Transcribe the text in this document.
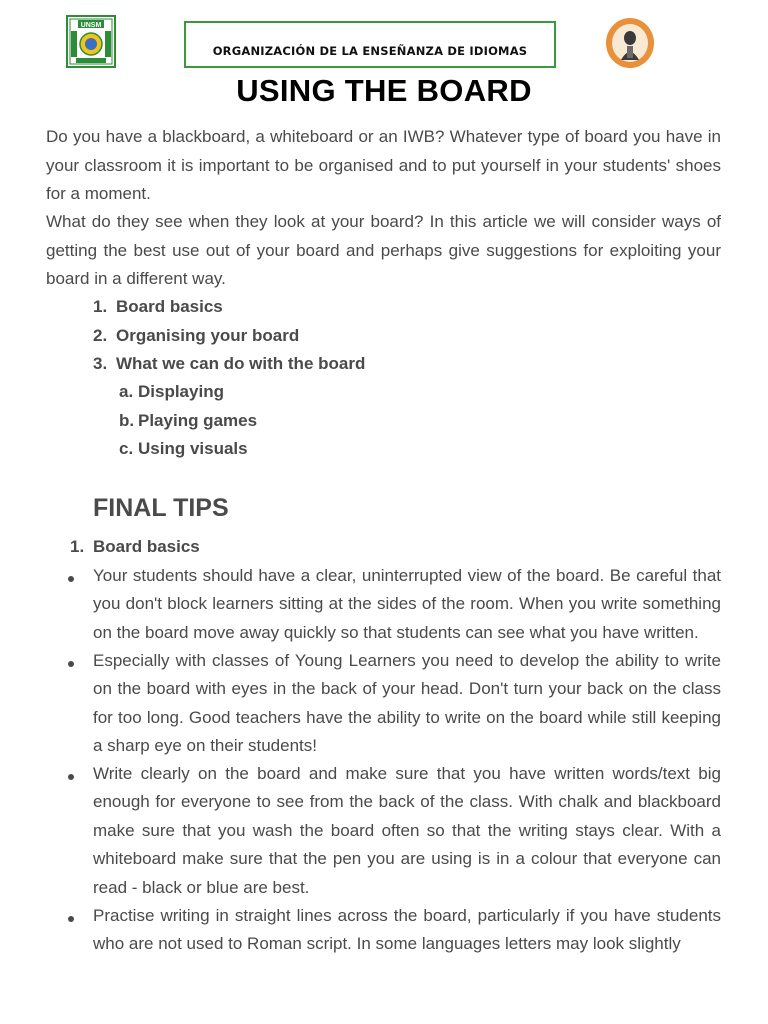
UNSM
ORGANIZACIÓN DE LA ENSEÑANZA DE IDIOMAS
USING THE BOARD

Do you have a blackboard, a whiteboard or an IWB? Whatever type of board you have in your classroom it is important to be organised and to put yourself in your students' shoes for a moment.

What do they see when they look at your board? In this article we will consider ways of getting the best use out of your board and perhaps give suggestions for exploiting your board in a different way.

1. Board basics
2. Organising your board
3. What we can do with the board
a. Displaying
b. Playing games
c. Using visuals
FINAL TIPS
1. Board basics

Your students should have a clear, uninterrupted view of the board. Be careful that you don't block learners sitting at the sides of the room. When you write something on the board move away quickly so that students can see what you have written.

Especially with classes of Young Learners you need to develop the ability to write on the board with eyes in the back of your head. Don't turn your back on the class for too long. Good teachers have the ability to write on the board while still keeping a sharp eye on their students!

Write clearly on the board and make sure that you have written words/text big enough for everyone to see from the back of the class. With chalk and blackboard make sure that you wash the board often so that the writing stays clear. With a whiteboard make sure that the pen you are using is in a colour that everyone can read - black or blue are best.

Practise writing in straight lines across the board, particularly if you have students who are not used to Roman script. In some languages letters may look slightly
